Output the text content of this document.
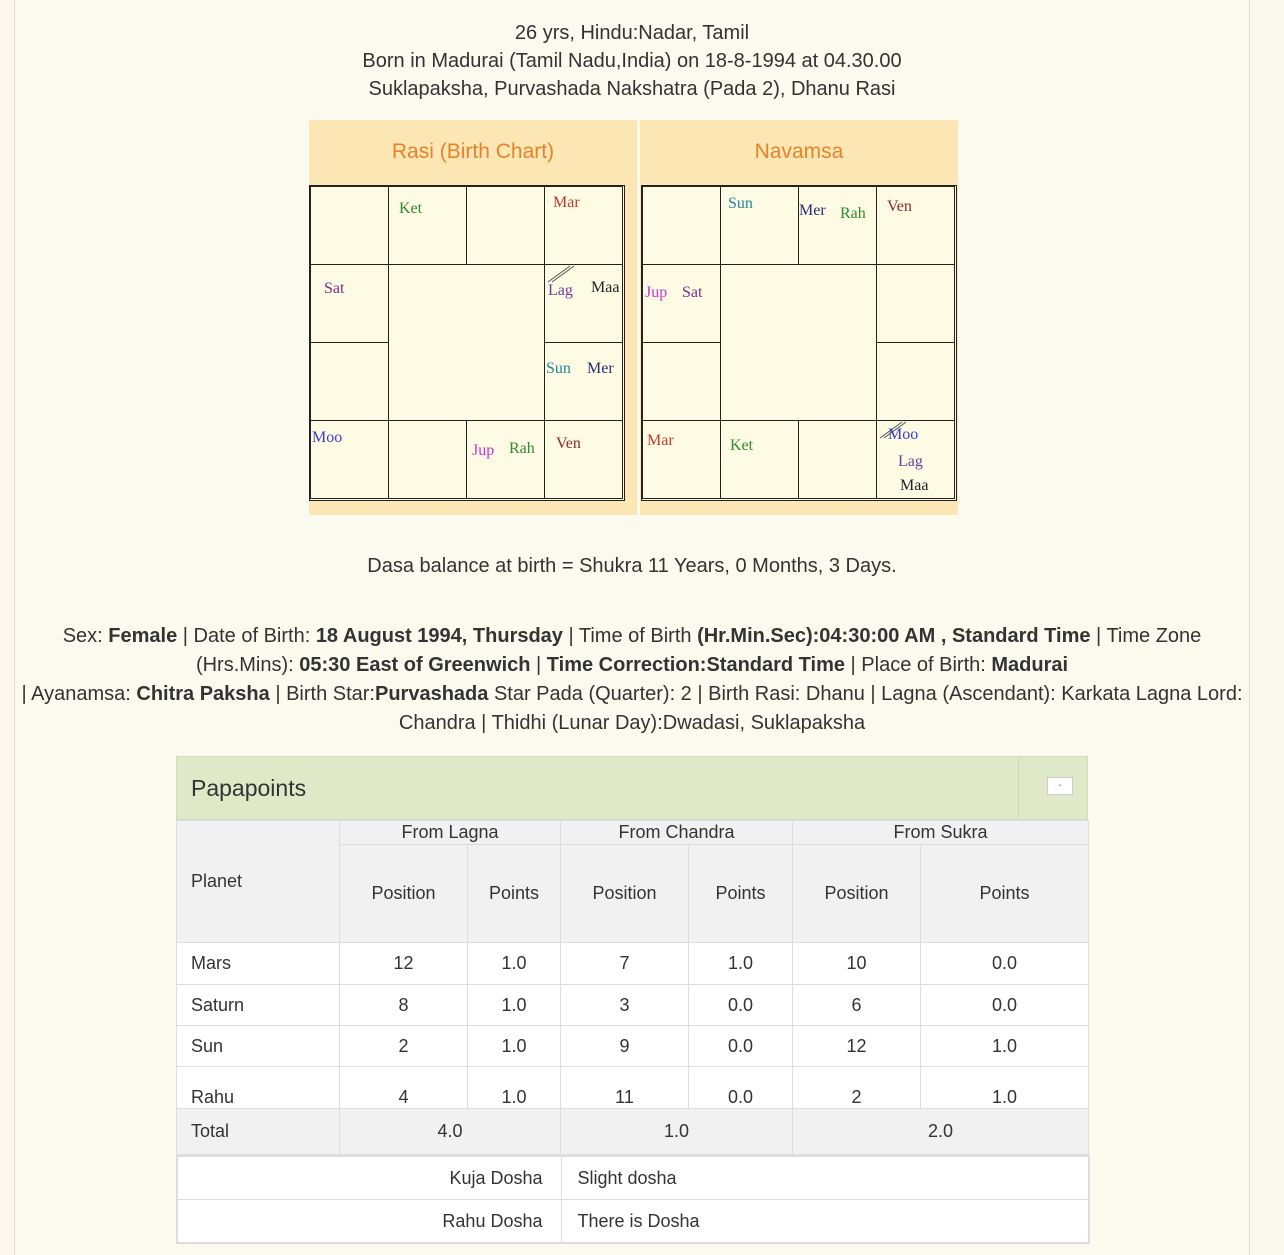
26 yrs, Hindu:Nadar, Tamil
Born in Madurai (Tamil Nadu,India) on 18-8-1994 at 04.30.00
Suklapaksha, Purvashada Nakshatra (Pada 2), Dhanu Rasi
Rasi (Birth Chart)
Ket	Mar
Sat	Lag Maa
Sun Mer
Moo
Jup Rah Ven
Navamsa
Sun	Mer Rah Ven
Jup Sat
Mar	Ket
Moo
Lag
Maa
Dasa balance at birth = Shukra 11 Years, 0 Months, 3 Days.
Sex: Female | Date of Birth: 18 August 1994, Thursday | Time of Birth (Hr.Min.Sec):04:30:00 AM , Standard Time | Time Zone (Hrs.Mins): 05:30 East of Greenwich | Time Correction:Standard Time | Place of Birth: Madurai
| Ayanamsa: Chitra Paksha | Birth Star:Purvashada Star Pada (Quarter): 2 | Birth Rasi: Dhanu | Lagna (Ascendant): Karkata Lagna Lord: Chandra | Thidhi (Lunar Day):Dwadasi, Suklapaksha
Papapoints	-
Planet	From Lagna		From Chandra		From Sukra	
	Position	Points	Position	Points	Position	Points
Mars	12	1.0	7	1.0	10	0.0
Saturn	8	1.0	3	0.0	6	0.0
Sun	2	1.0	9	0.0	12	1.0
Rahu	4	1.0	11	0.0	2	1.0
Total	4.0		1.0		2.0	
Kuja Dosha	Slight dosha
Rahu Dosha	There is Dosha
